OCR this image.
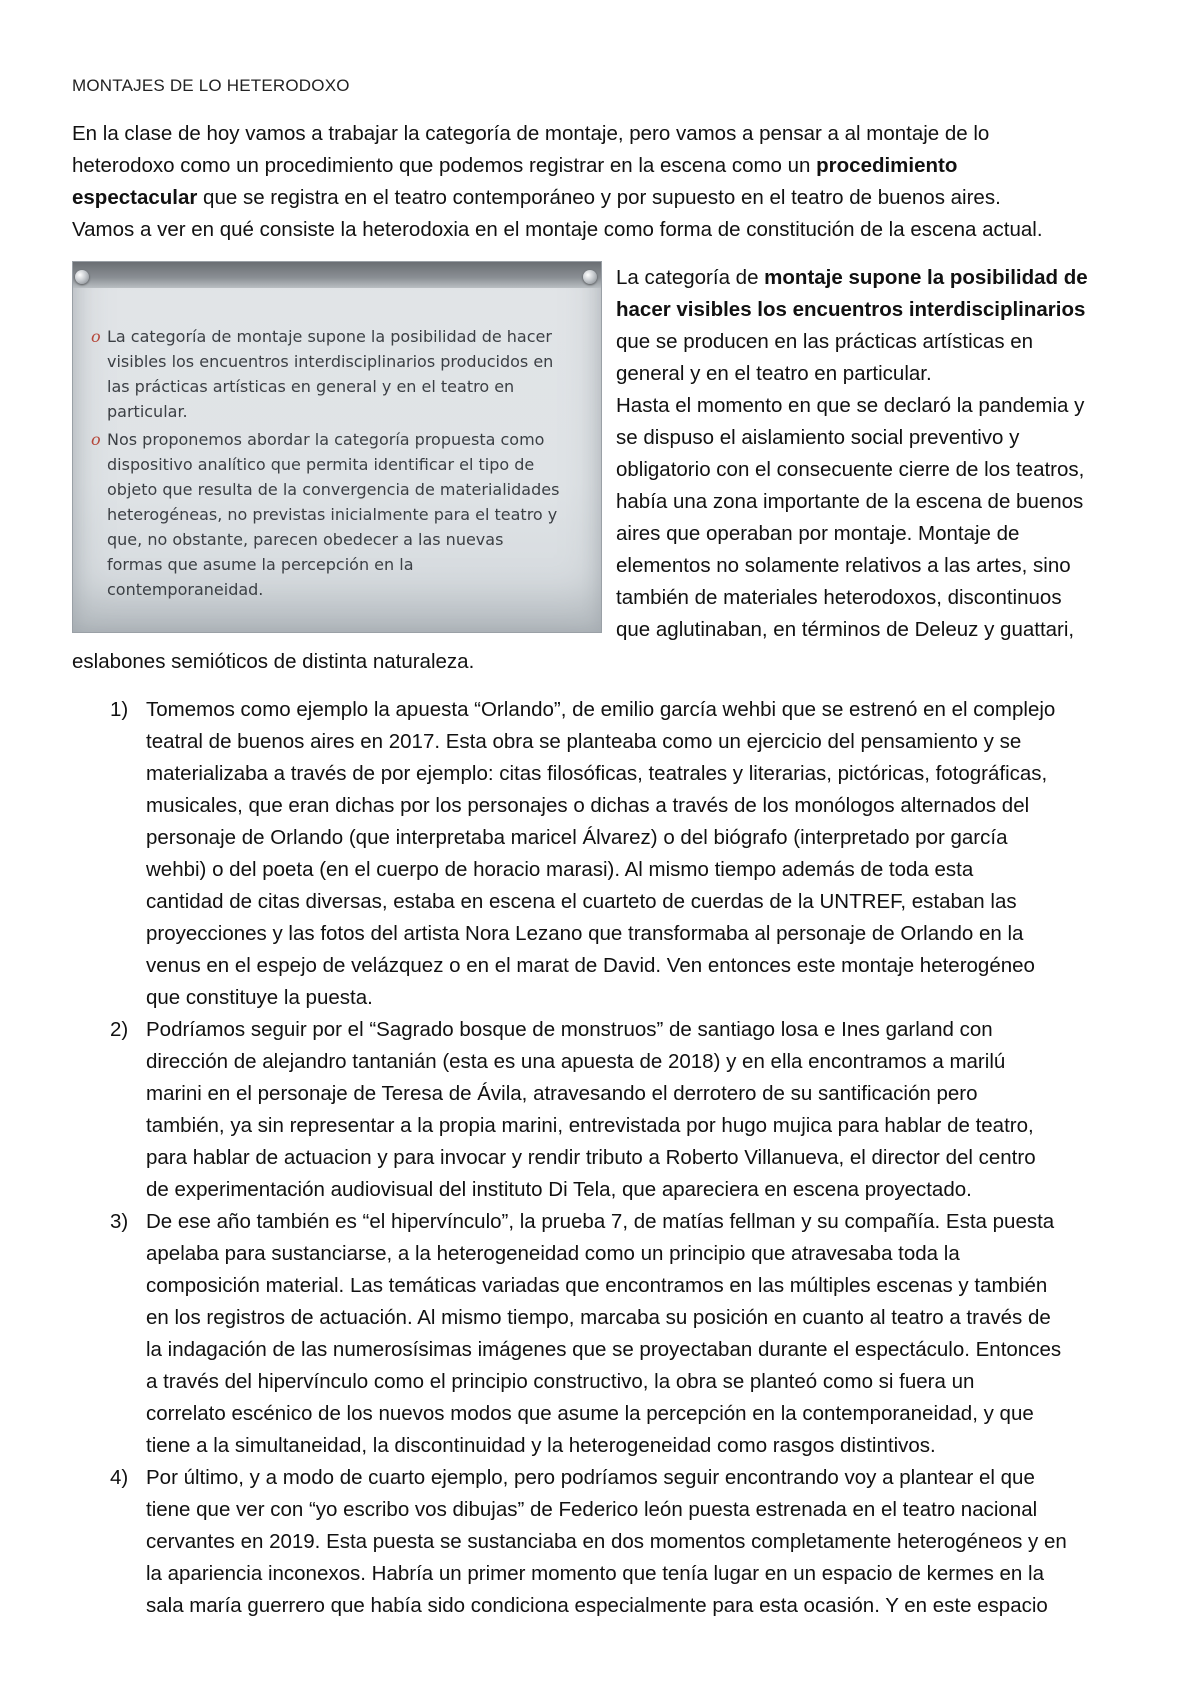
MONTAJES DE LO HETERODOXO

En la clase de hoy vamos a trabajar la categoría de montaje, pero vamos a pensar a al montaje de lo
heterodoxo como un procedimiento que podemos registrar en la escena como un procedimiento
espectacular que se registra en el teatro contemporáneo y por supuesto en el teatro de buenos aires.
Vamos a ver en qué consiste la heterodoxia en el montaje como forma de constitución de la escena actual.

o La categoría de montaje supone la posibilidad de hacer
visibles los encuentros interdisciplinarios producidos en
las prácticas artísticas en general y en el teatro en
particular.
o Nos proponemos abordar la categoría propuesta como
dispositivo analítico que permita identificar el tipo de
objeto que resulta de la convergencia de materialidades
heterogéneas, no previstas inicialmente para el teatro y
que, no obstante, parecen obedecer a las nuevas
formas que asume la percepción en la
contemporaneidad.

La categoría de montaje supone la posibilidad de
hacer visibles los encuentros interdisciplinarios
que se producen en las prácticas artísticas en
general y en el teatro en particular.
Hasta el momento en que se declaró la pandemia y
se dispuso el aislamiento social preventivo y
obligatorio con el consecuente cierre de los teatros,
había una zona importante de la escena de buenos
aires que operaban por montaje. Montaje de
elementos no solamente relativos a las artes, sino
también de materiales heterodoxos, discontinuos
que aglutinaban, en términos de Deleuz y guattari,

eslabones semióticos de distinta naturaleza.

1) Tomemos como ejemplo la apuesta “Orlando”, de emilio garcía wehbi que se estrenó en el complejo
teatral de buenos aires en 2017. Esta obra se planteaba como un ejercicio del pensamiento y se
materializaba a través de por ejemplo: citas filosóficas, teatrales y literarias, pictóricas, fotográficas,
musicales, que eran dichas por los personajes o dichas a través de los monólogos alternados del
personaje de Orlando (que interpretaba maricel Álvarez) o del biógrafo (interpretado por garcía
wehbi) o del poeta (en el cuerpo de horacio marasi). Al mismo tiempo además de toda esta
cantidad de citas diversas, estaba en escena el cuarteto de cuerdas de la UNTREF, estaban las
proyecciones y las fotos del artista Nora Lezano que transformaba al personaje de Orlando en la
venus en el espejo de velázquez o en el marat de David. Ven entonces este montaje heterogéneo
que constituye la puesta.
2) Podríamos seguir por el “Sagrado bosque de monstruos” de santiago losa e Ines garland con
dirección de alejandro tantanián (esta es una apuesta de 2018) y en ella encontramos a marilú
marini en el personaje de Teresa de Ávila, atravesando el derrotero de su santificación pero
también, ya sin representar a la propia marini, entrevistada por hugo mujica para hablar de teatro,
para hablar de actuacion y para invocar y rendir tributo a Roberto Villanueva, el director del centro
de experimentación audiovisual del instituto Di Tela, que apareciera en escena proyectado.
3) De ese año también es “el hipervínculo”, la prueba 7, de matías fellman y su compañía. Esta puesta
apelaba para sustanciarse, a la heterogeneidad como un principio que atravesaba toda la
composición material. Las temáticas variadas que encontramos en las múltiples escenas y también
en los registros de actuación. Al mismo tiempo, marcaba su posición en cuanto al teatro a través de
la indagación de las numerosísimas imágenes que se proyectaban durante el espectáculo. Entonces
a través del hipervínculo como el principio constructivo, la obra se planteó como si fuera un
correlato escénico de los nuevos modos que asume la percepción en la contemporaneidad, y que
tiene a la simultaneidad, la discontinuidad y la heterogeneidad como rasgos distintivos.
4) Por último, y a modo de cuarto ejemplo, pero podríamos seguir encontrando voy a plantear el que
tiene que ver con “yo escribo vos dibujas” de Federico león puesta estrenada en el teatro nacional
cervantes en 2019. Esta puesta se sustanciaba en dos momentos completamente heterogéneos y en
la apariencia inconexos. Habría un primer momento que tenía lugar en un espacio de kermes en la
sala maría guerrero que había sido condiciona especialmente para esta ocasión. Y en este espacio
